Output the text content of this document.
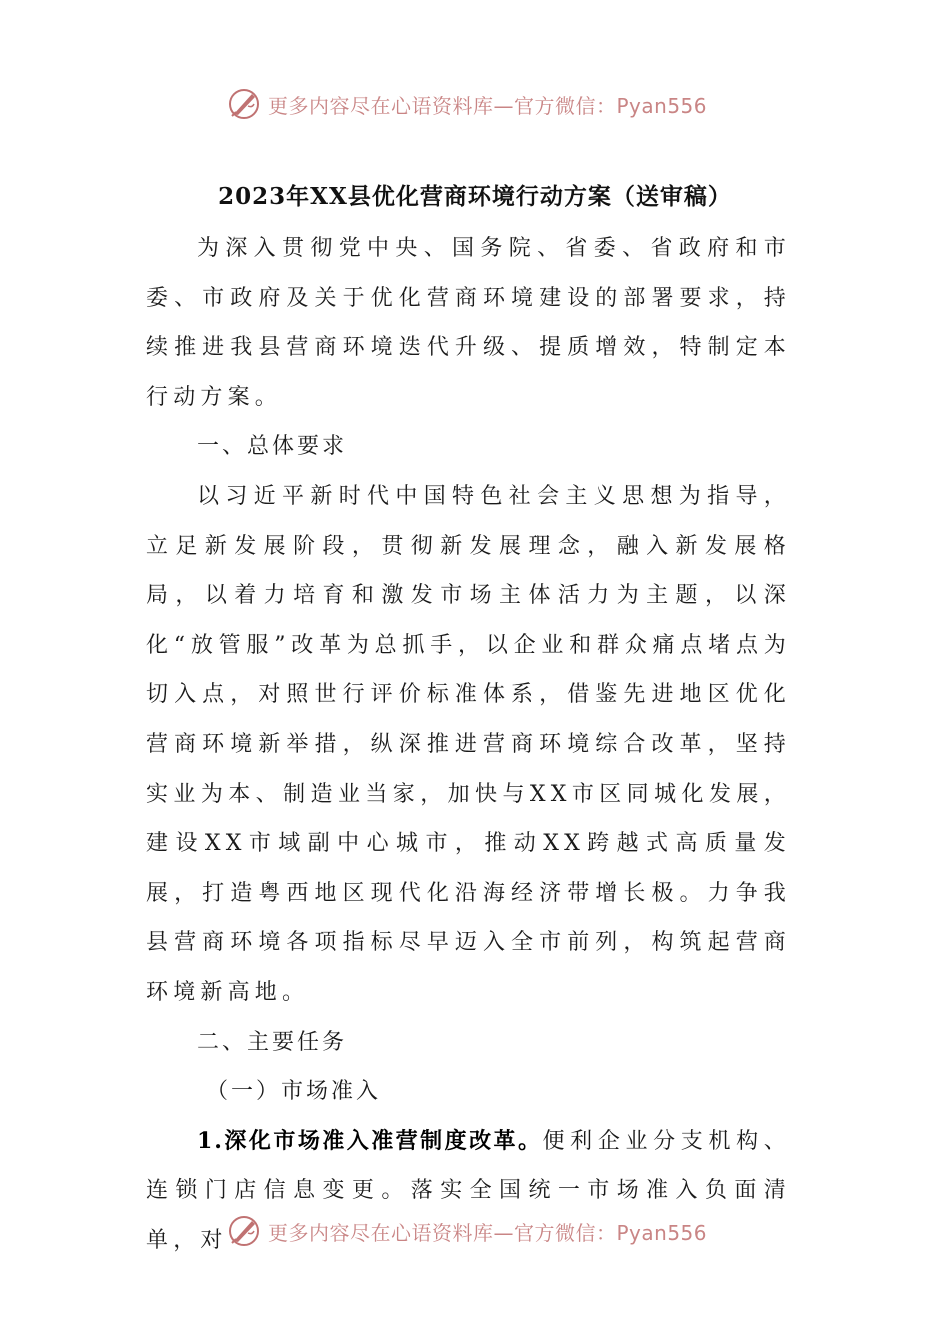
更多内容尽在心语资料库—官方微信：Pyan556
2023年XX县优化营商环境行动方案（送审稿）

为深入贯彻党中央、国务院、省委、省政府和市委、市政府及关于优化营商环境建设的部署要求，持续推进我县营商环境迭代升级、提质增效，特制定本行动方案。

一、总体要求

以习近平新时代中国特色社会主义思想为指导，立足新发展阶段，贯彻新发展理念，融入新发展格局，以着力培育和激发市场主体活力为主题，以深化“放管服”改革为总抓手，以企业和群众痛点堵点为切入点，对照世行评价标准体系，借鉴先进地区优化营商环境新举措，纵深推进营商环境综合改革，坚持实业为本、制造业当家，加快与XX市区同城化发展，建设XX市域副中心城市，推动XX跨越式高质量发展，打造粤西地区现代化沿海经济带增长极。力争我县营商环境各项指标尽早迈入全市前列，构筑起营商环境新高地。

二、主要任务

（一）市场准入

1.深化市场准入准营制度改革。便利企业分支机构、连锁门店信息变更。落实全国统一市场准入负面清单，对	更多内容尽在心语资料库—官方微信：Pyan556
